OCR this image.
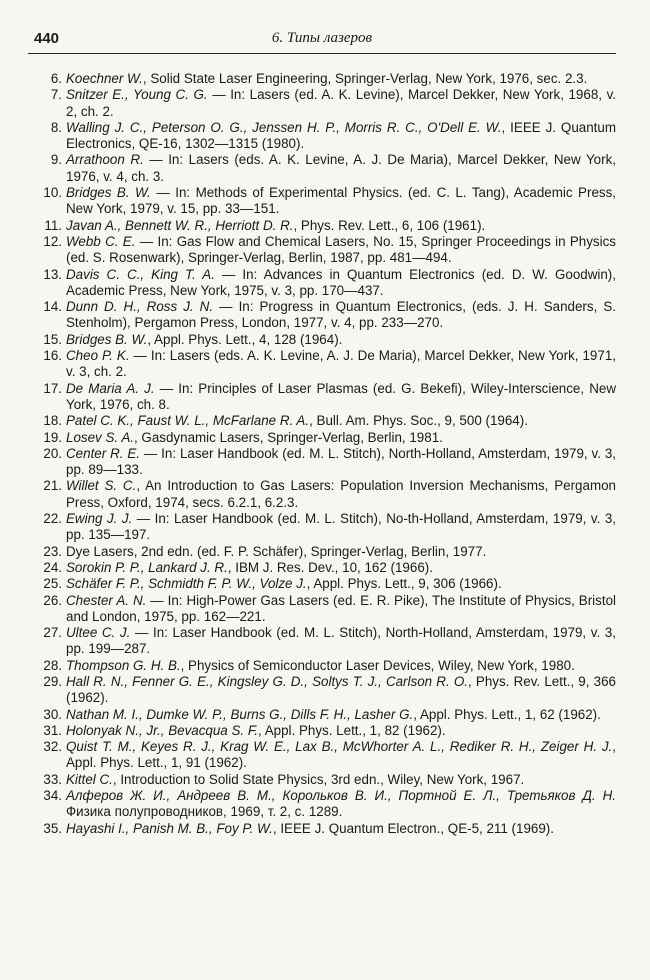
440	6. Типы лазеров
6. Koechner W., Solid State Laser Engineering, Springer-Verlag, New York, 1976, sec. 2.3.
7. Snitzer E., Young C. G. — In: Lasers (ed. A. K. Levine), Marcel Dekker, New York, 1968, v. 2, ch. 2.
8. Walling J. C., Peterson O. G., Jenssen H. P., Morris R. C., O'Dell E. W., IEEE J. Quantum Electronics, QE-16, 1302—1315 (1980).
9. Arrathoon R. — In: Lasers (eds. A. K. Levine, A. J. De Maria), Marcel Dekker, New York, 1976, v. 4, ch. 3.
10. Bridges B. W. — In: Methods of Experimental Physics. (ed. C. L. Tang), Academic Press, New York, 1979, v. 15, pp. 33—151.
11. Javan A., Bennett W. R., Herriott D. R., Phys. Rev. Lett., 6, 106 (1961).
12. Webb C. E. — In: Gas Flow and Chemical Lasers, No. 15, Springer Proceedings in Physics (ed. S. Rosenwark), Springer-Verlag, Berlin, 1987, pp. 481—494.
13. Davis C. C., King T. A. — In: Advances in Quantum Electronics (ed. D. W. Goodwin), Academic Press, New York, 1975, v. 3, pp. 170—437.
14. Dunn D. H., Ross J. N. — In: Progress in Quantum Electronics, (eds. J. H. Sanders, S. Stenholm), Pergamon Press, London, 1977, v. 4, pp. 233—270.
15. Bridges B. W., Appl. Phys. Lett., 4, 128 (1964).
16. Cheo P. K. — In: Lasers (eds. A. K. Levine, A. J. De Maria), Marcel Dekker, New York, 1971, v. 3, ch. 2.
17. De Maria A. J. — In: Principles of Laser Plasmas (ed. G. Bekefi), Wiley-Interscience, New York, 1976, ch. 8.
18. Patel C. K., Faust W. L., McFarlane R. A., Bull. Am. Phys. Soc., 9, 500 (1964).
19. Losev S. A., Gasdynamic Lasers, Springer-Verlag, Berlin, 1981.
20. Center R. E. — In: Laser Handbook (ed. M. L. Stitch), North-Holland, Amsterdam, 1979, v. 3, pp. 89—133.
21. Willet S. C., An Introduction to Gas Lasers: Population Inversion Mechanisms, Pergamon Press, Oxford, 1974, secs. 6.2.1, 6.2.3.
22. Ewing J. J. — In: Laser Handbook (ed. M. L. Stitch), No-th-Holland, Amsterdam, 1979, v. 3, pp. 135—197.
23. Dye Lasers, 2nd edn. (ed. F. P. Schäfer), Springer-Verlag, Berlin, 1977.
24. Sorokin P. P., Lankard J. R., IBM J. Res. Dev., 10, 162 (1966).
25. Schäfer F. P., Schmidth F. P. W., Volze J., Appl. Phys. Lett., 9, 306 (1966).
26. Chester A. N. — In: High-Power Gas Lasers (ed. E. R. Pike), The Institute of Physics, Bristol and London, 1975, pp. 162—221.
27. Ultee C. J. — In: Laser Handbook (ed. M. L. Stitch), North-Holland, Amsterdam, 1979, v. 3, pp. 199—287.
28. Thompson G. H. B., Physics of Semiconductor Laser Devices, Wiley, New York, 1980.
29. Hall R. N., Fenner G. E., Kingsley G. D., Soltys T. J., Carlson R. O., Phys. Rev. Lett., 9, 366 (1962).
30. Nathan M. I., Dumke W. P., Burns G., Dills F. H., Lasher G., Appl. Phys. Lett., 1, 62 (1962).
31. Holonyak N., Jr., Bevacqua S. F., Appl. Phys. Lett., 1, 82 (1962).
32. Quist T. M., Keyes R. J., Krag W. E., Lax B., McWhorter A. L., Rediker R. H., Zeiger H. J., Appl. Phys. Lett., 1, 91 (1962).
33. Kittel C., Introduction to Solid State Physics, 3rd edn., Wiley, New York, 1967.
34. Алферов Ж. И., Андреев В. М., Корольков В. И., Портной Е. Л., Третьяков Д. Н. Физика полупроводников, 1969, т. 2, с. 1289.
35. Hayashi I., Panish M. B., Foy P. W., IEEE J. Quantum Electron., QE-5, 211 (1969).
